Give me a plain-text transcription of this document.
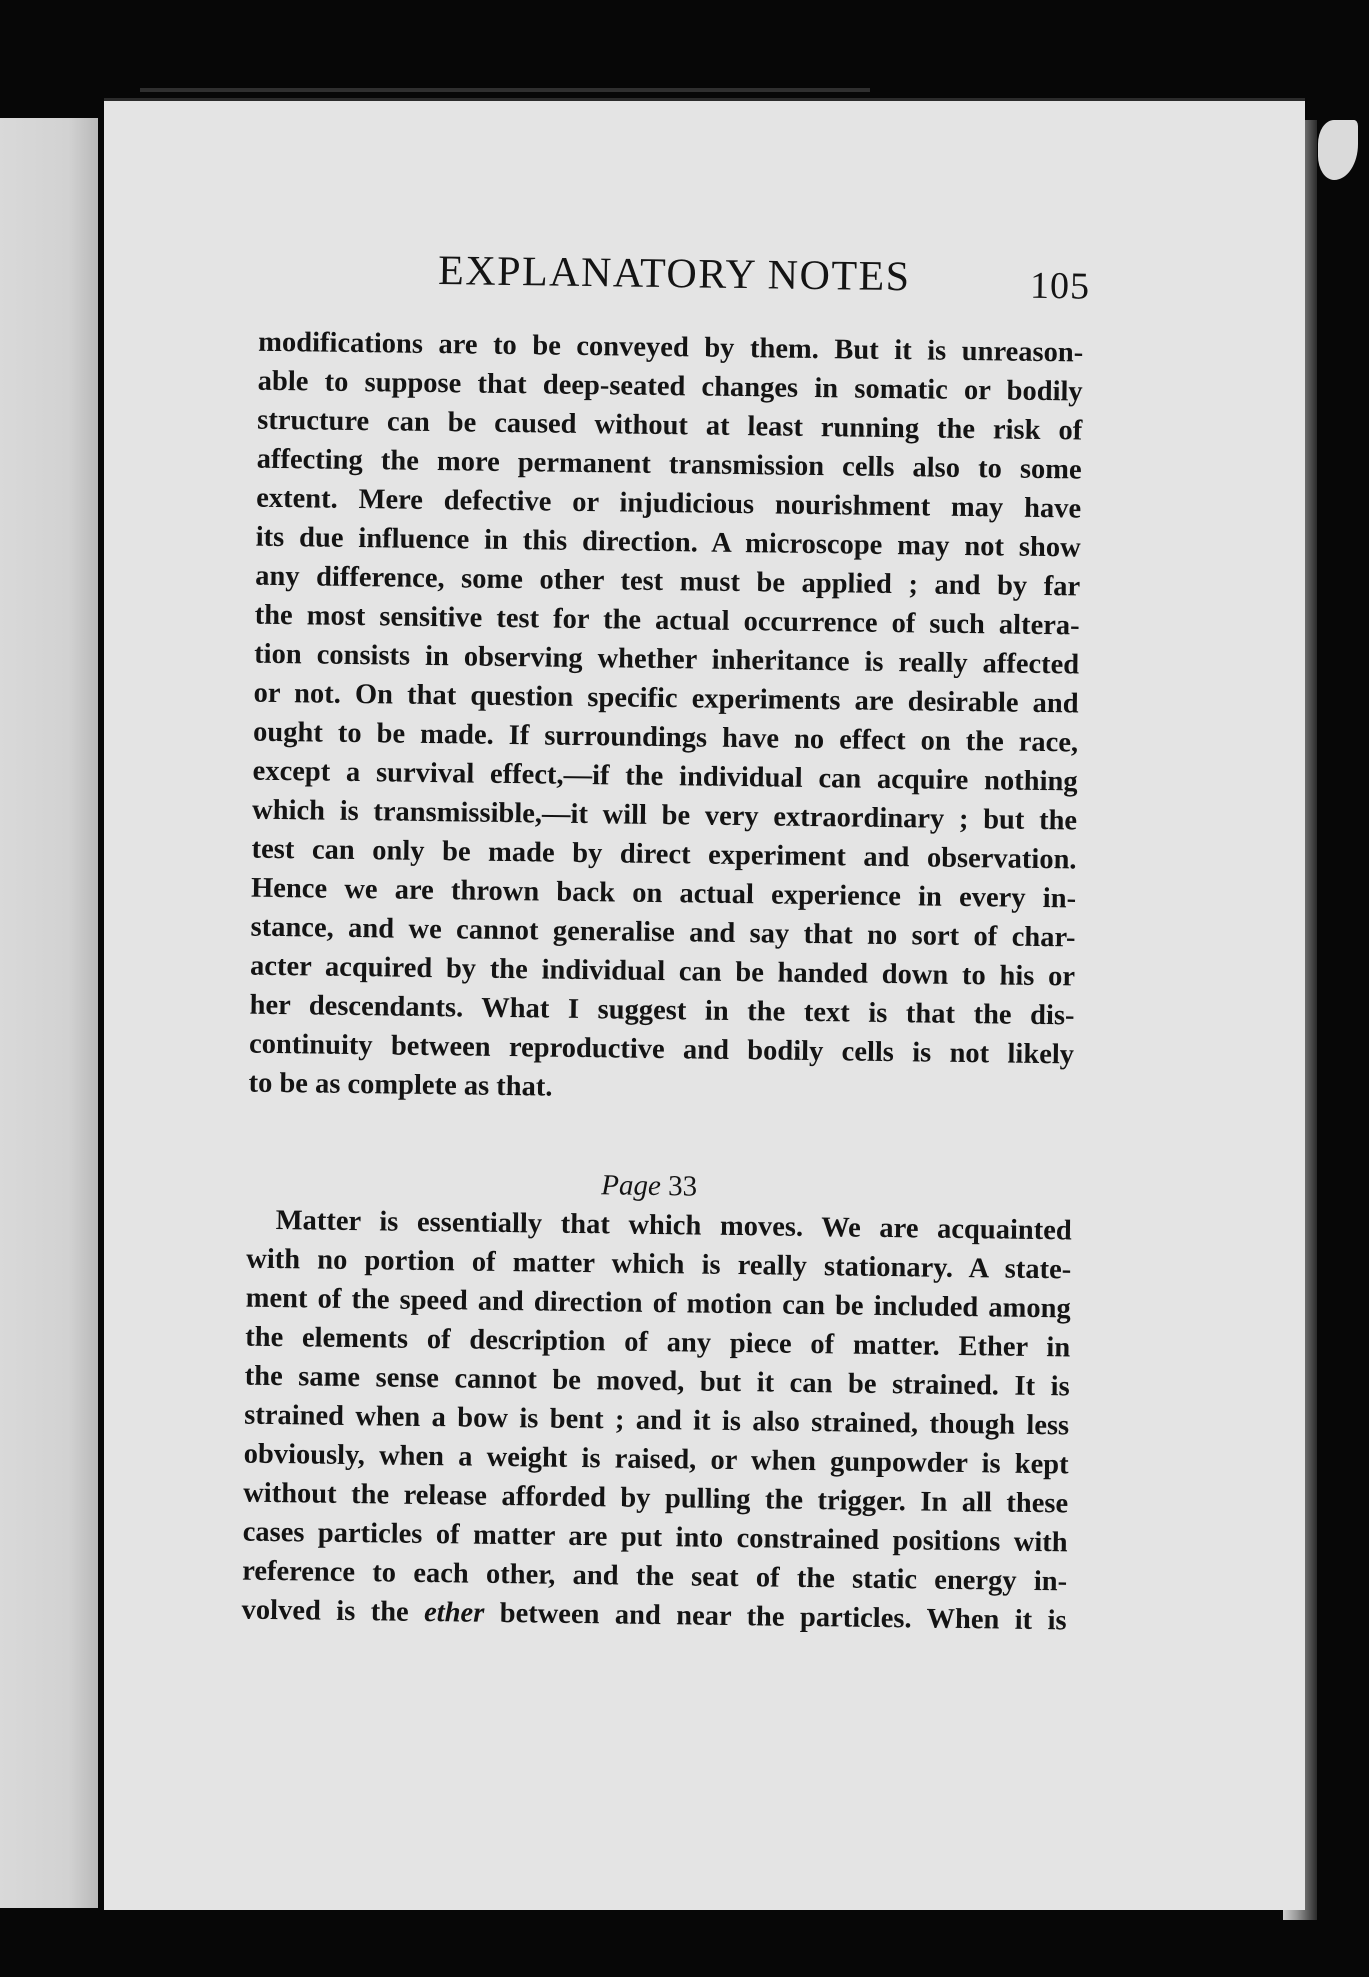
EXPLANATORY NOTES	105
modifications are to be conveyed by them. But it is unreason-
able to suppose that deep-seated changes in somatic or bodily
structure can be caused without at least running the risk of
affecting the more permanent transmission cells also to some
extent. Mere defective or injudicious nourishment may have
its due influence in this direction. A microscope may not show
any difference, some other test must be applied ; and by far
the most sensitive test for the actual occurrence of such altera-
tion consists in observing whether inheritance is really affected
or not. On that question specific experiments are desirable and
ought to be made. If surroundings have no effect on the race,
except a survival effect,—if the individual can acquire nothing
which is transmissible,—it will be very extraordinary ; but the
test can only be made by direct experiment and observation.
Hence we are thrown back on actual experience in every in-
stance, and we cannot generalise and say that no sort of char-
acter acquired by the individual can be handed down to his or
her descendants. What I suggest in the text is that the dis-
continuity between reproductive and bodily cells is not likely
to be as complete as that.
Page 33
Matter is essentially that which moves. We are acquainted
with no portion of matter which is really stationary. A state-
ment of the speed and direction of motion can be included among
the elements of description of any piece of matter. Ether in
the same sense cannot be moved, but it can be strained. It is
strained when a bow is bent ; and it is also strained, though less
obviously, when a weight is raised, or when gunpowder is kept
without the release afforded by pulling the trigger. In all these
cases particles of matter are put into constrained positions with
reference to each other, and the seat of the static energy in-
volved is the ether between and near the particles. When it is
